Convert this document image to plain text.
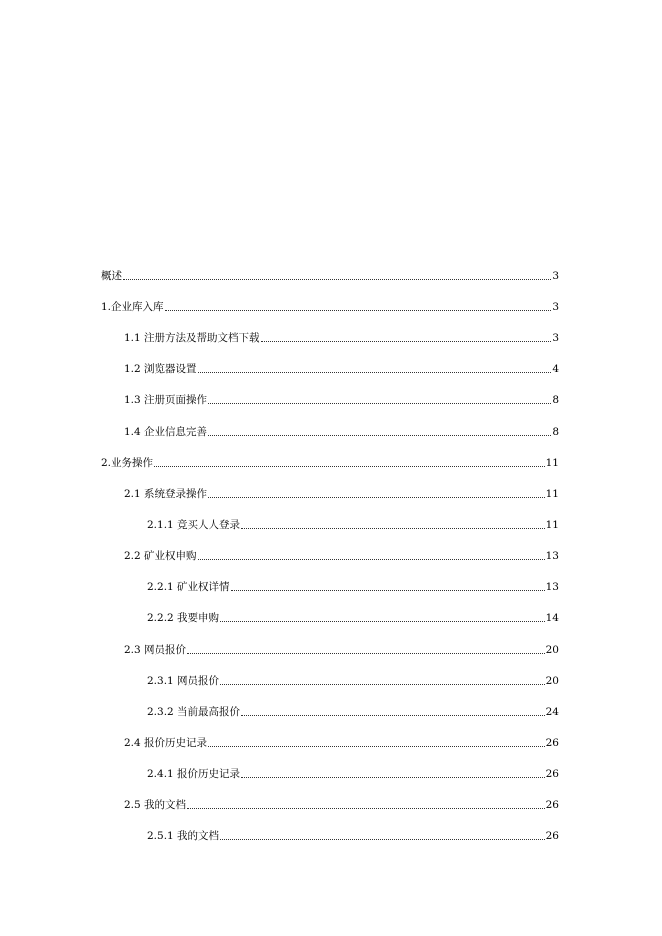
概述	3
1.企业库入库	3
1.1 注册方法及帮助文档下载	3
1.2 浏览器设置	4
1.3 注册页面操作	8
1.4 企业信息完善	8
2.业务操作	11
2.1 系统登录操作	11
2.1.1 竞买人人登录	11
2.2 矿业权申购	13
2.2.1 矿业权详情	13
2.2.2 我要申购	14
2.3 网员报价	20
2.3.1 网员报价	20
2.3.2 当前最高报价	24
2.4 报价历史记录	26
2.4.1 报价历史记录	26
2.5 我的文档	26
2.5.1 我的文档	26
